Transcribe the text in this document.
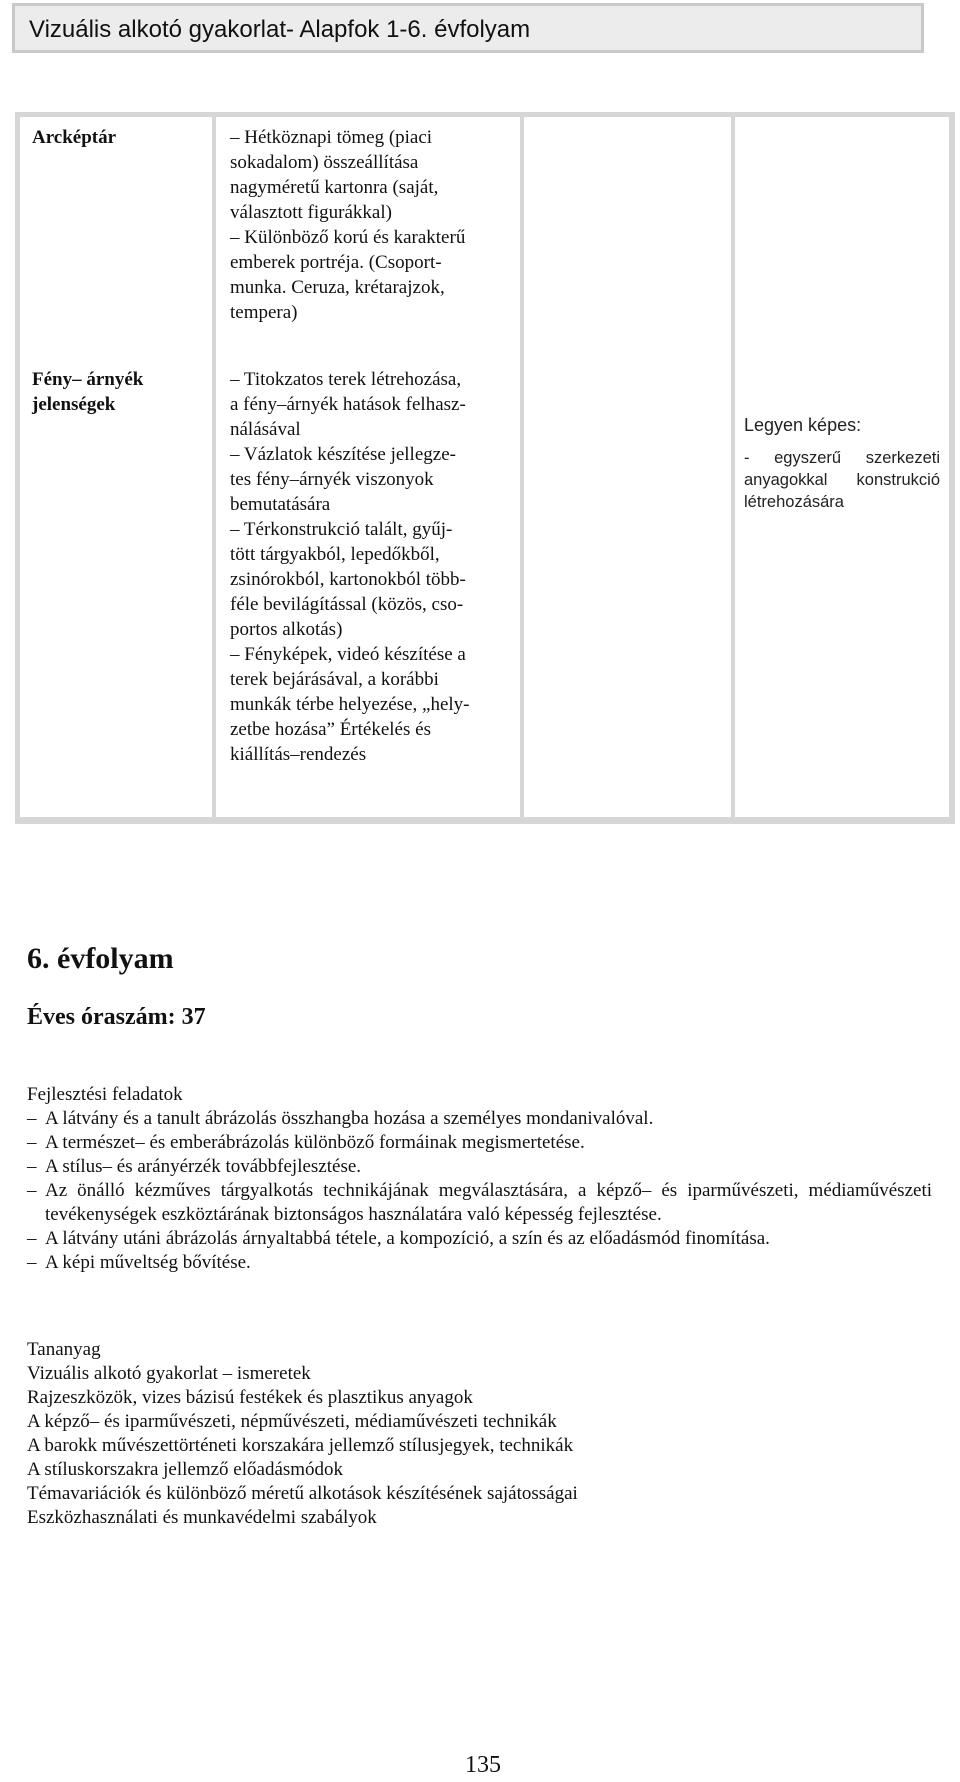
Vizuális alkotó gyakorlat- Alapfok 1-6. évfolyam
Arcképtár
Fény– árnyék jelenségek
– Hétköznapi tömeg (piaci
sokadalom) összeállítása
nagyméretű kartonra (saját,
választott figurákkal)
– Különböző korú és karakterű
emberek portréja. (Csoport-
munka. Ceruza, krétarajzok,
tempera)
– Titokzatos terek létrehozása,
a fény–árnyék hatások felhasz-
nálásával
– Vázlatok készítése jellegze-
tes fény–árnyék viszonyok
bemutatására
– Térkonstrukció talált, gyűj-
tött tárgyakból, lepedőkből,
zsinórokból, kartonokból több-
féle bevilágítással (közös, cso-
portos alkotás)
– Fényképek, videó készítése a
terek bejárásával, a korábbi
munkák térbe helyezése, „hely-
zetbe hozása” Értékelés és
kiállítás–rendezés
Legyen képes:
- egyszerű szerkezeti anyagokkal konstrukció létrehozására
6. évfolyam
Éves óraszám: 37
Fejlesztési feladatok
– A látvány és a tanult ábrázolás összhangba hozása a személyes mondanivalóval.
– A természet– és emberábrázolás különböző formáinak megismertetése.
– A stílus– és arányérzék továbbfejlesztése.
– Az önálló kézműves tárgyalkotás technikájának megválasztására, a képző– és iparművészeti, médiaművészeti tevékenységek eszköztárának biztonságos használatára való képesség fejlesztése.
– A látvány utáni ábrázolás árnyaltabbá tétele, a kompozíció, a szín és az előadásmód finomítása.
– A képi műveltség bővítése.
Tananyag
Vizuális alkotó gyakorlat – ismeretek
Rajzeszközök, vizes bázisú festékek és plasztikus anyagok
A képző– és iparművészeti, népművészeti, médiaművészeti technikák
A barokk művészettörténeti korszakára jellemző stílusjegyek, technikák
A stíluskorszakra jellemző előadásmódok
Témavariációk és különböző méretű alkotások készítésének sajátosságai
Eszközhasználati és munkavédelmi szabályok
135
